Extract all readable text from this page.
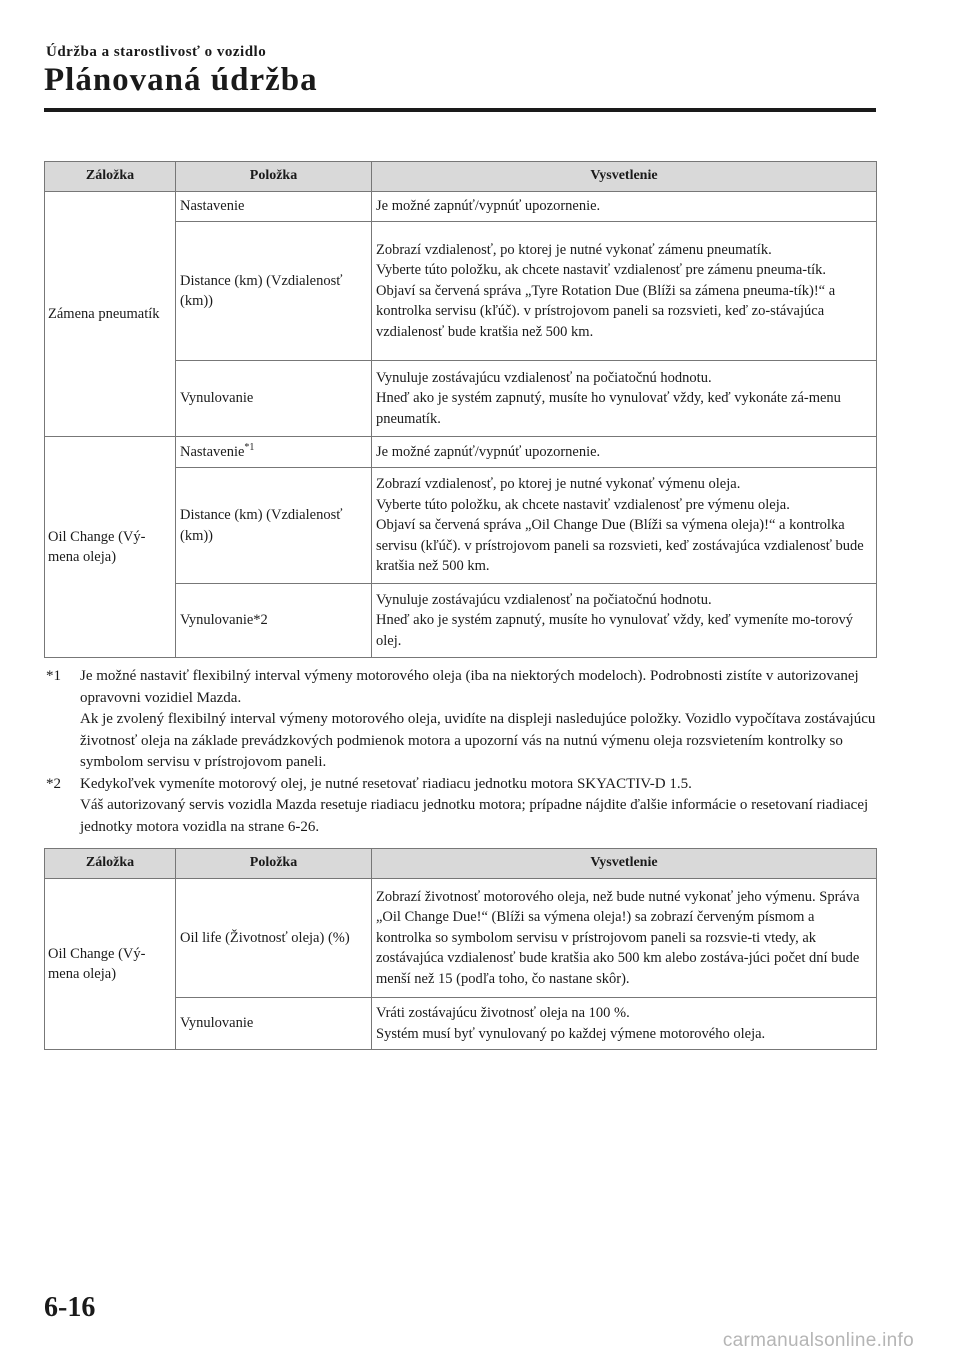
Údržba a starostlivosť o vozidlo
Plánovaná údržba
Záložka	Položka	Vysvetlenie
Zámena pneumatík	Nastavenie	Je možné zapnúť/vypnúť upozornenie.

	Distance (km) (Vzdialenosť (km))	Zobrazí vzdialenosť, po ktorej je nutné vykonať zámenu pneumatík.
Vyberte túto položku, ak chcete nastaviť vzdialenosť pre zámenu pneuma-tík.
Objaví sa červená správa „Tyre Rotation Due (Blíži sa zámena pneuma-tík)!“ a kontrolka servisu (kľúč). v prístrojovom paneli sa rozsvieti, keď zo-stávajúca vzdialenosť bude kratšia než 500 km.

	Vynulovanie	Vynuluje zostávajúcu vzdialenosť na počiatočnú hodnotu.
Hneď ako je systém zapnutý, musíte ho vynulovať vždy, keď vykonáte zá-menu pneumatík.

Oil Change (Vý-mena oleja)	Nastavenie$^{*1}$	Je možné zapnúť/vypnúť upozornenie.

	Distance (km) (Vzdialenosť (km))	Zobrazí vzdialenosť, po ktorej je nutné vykonať výmenu oleja.
Vyberte túto položku, ak chcete nastaviť vzdialenosť pre výmenu oleja.
Objaví sa červená správa „Oil Change Due (Blíži sa výmena oleja)!“ a kontrolka servisu (kľúč). v prístrojovom paneli sa rozsvieti, keď zostávajúca vzdialenosť bude kratšia než 500 km.

	Vynulovanie*2	Vynuluje zostávajúcu vzdialenosť na počiatočnú hodnotu.
Hneď ako je systém zapnutý, musíte ho vynulovať vždy, keď vymeníte mo-torový olej.
*1	Je možné nastaviť flexibilný interval výmeny motorového oleja (iba na niektorých modeloch). Podrobnosti zistíte v autorizovanej opravovni vozidiel Mazda.
Ak je zvolený flexibilný interval výmeny motorového oleja, uvidíte na displeji nasledujúce položky. Vozidlo vypočítava zostávajúcu životnosť oleja na základe prevádzkových podmienok motora a upozorní vás na nutnú výmenu oleja rozsvietením kontrolky so symbolom servisu v prístrojovom paneli.
*2	Kedykoľvek vymeníte motorový olej, je nutné resetovať riadiacu jednotku motora SKYACTIV-D 1.5.
Váš autorizovaný servis vozidla Mazda resetuje riadiacu jednotku motora; prípadne nájdite ďalšie informácie o resetovaní riadiacej jednotky motora vozidla na strane 6-26.
Záložka	Položka	Vysvetlenie
Oil Change (Vý-mena oleja)	Oil life (Životnosť oleja) (%)	Zobrazí životnosť motorového oleja, než bude nutné vykonať jeho výmenu. Správa „Oil Change Due!“ (Blíži sa výmena oleja!) sa zobrazí červeným písmom a kontrolka so symbolom servisu v prístrojovom paneli sa rozsvie-ti vtedy, ak zostávajúca vzdialenosť bude kratšia ako 500 km alebo zostáva-júci počet dní bude menší než 15 (podľa toho, čo nastane skôr).

	Vynulovanie	Vráti zostávajúcu životnosť oleja na 100 %.
Systém musí byť vynulovaný po každej výmene motorového oleja.
6-16
carmanualsonline.info
